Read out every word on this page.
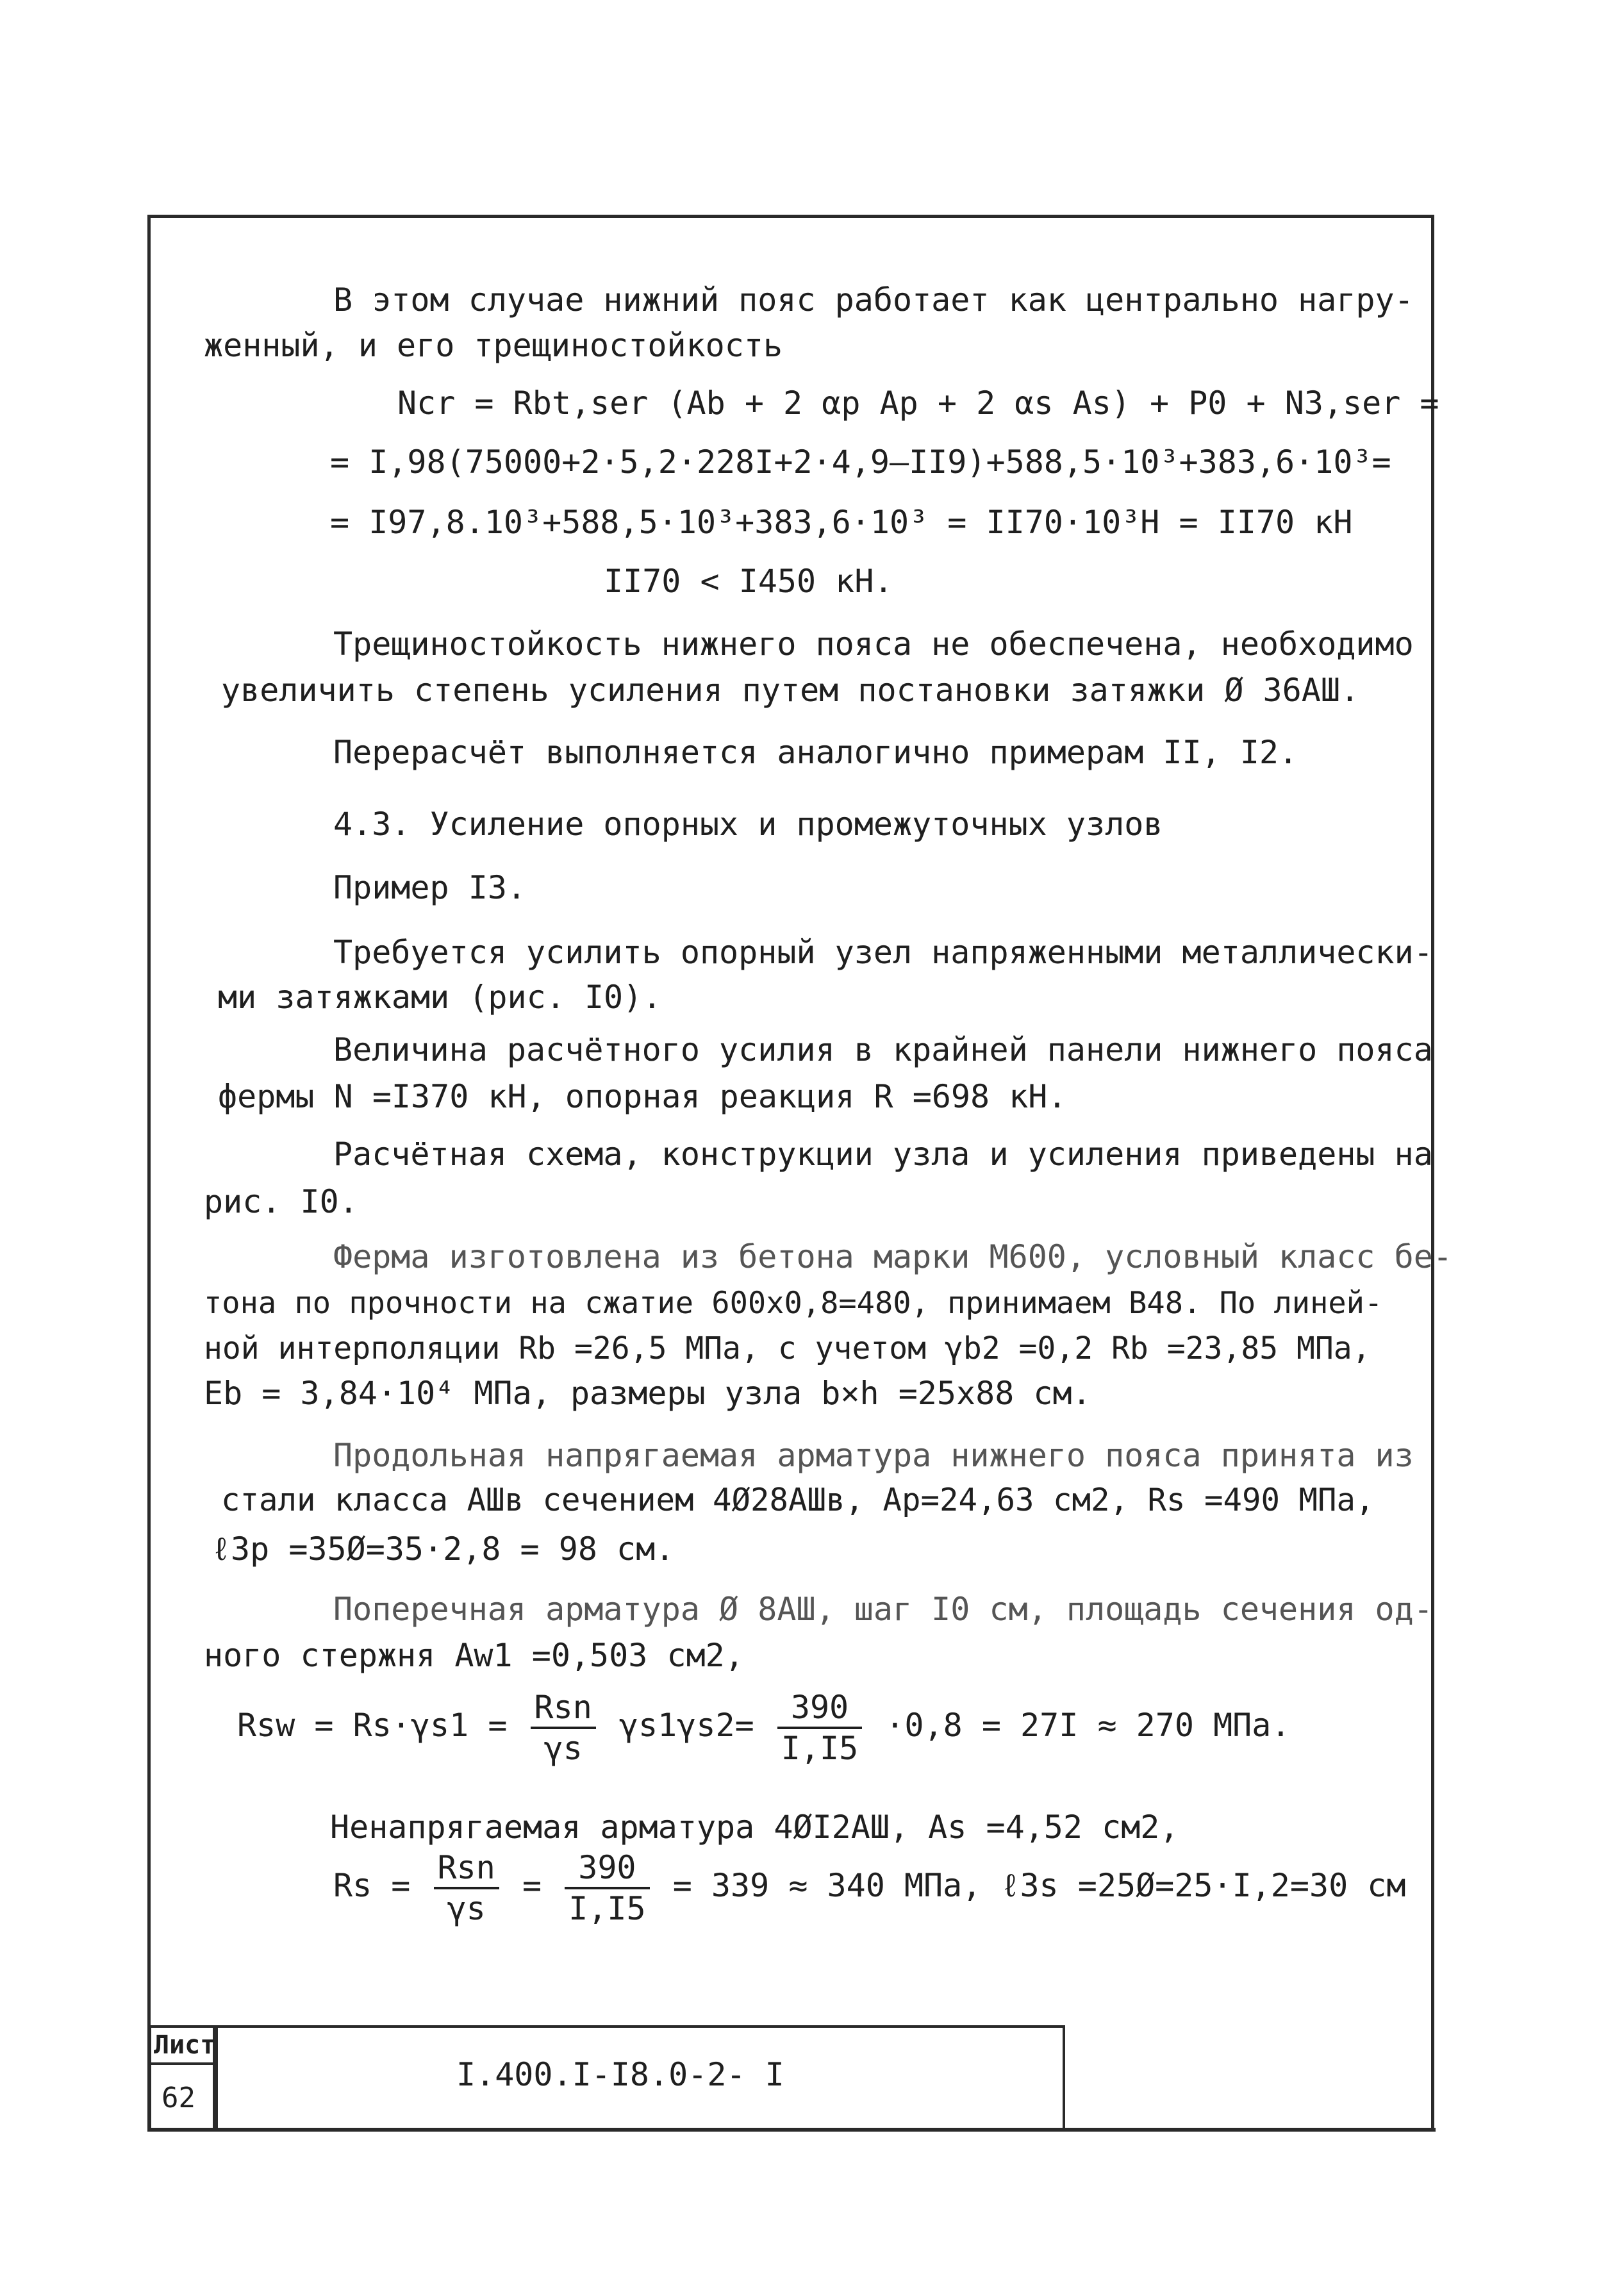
В этом случае нижний пояс работает как центрально нагру-
женный, и его трещиностойкость
Ncr = Rbt,ser (Ab + 2 αp Ap + 2 αs As) + P0 + N3,ser =
= I,98(75000+2·5,2·228I+2·4,9–II9)+588,5·10³+383,6·10³=
= I97,8.10³+588,5·10³+383,6·10³ = II70·10³H = II70 кН
II70 < I450 кН.
Трещиностойкость нижнего пояса не обеспечена, необходимо
увеличить степень усиления путем постановки затяжки Ø 36АШ.
Перерасчёт выполняется аналогично примерам II, I2.
4.3. Усиление опорных и промежуточных узлов
Пример I3.
Требуется усилить опорный узел напряженными металлически-
ми затяжками (рис. I0).
Величина расчётного усилия в крайней панели нижнего пояса
фермы N =I370 кН, опорная реакция R =698 кН.
Расчётная схема, конструкции узла и усиления приведены на
рис. I0.
Ферма изготовлена из бетона марки М600, условный класс бе-
тона по прочности на сжатие 600х0,8=480, принимаем В48. По линей-
ной интерполяции Rb =26,5 МПа, с учетом γb2 =0,2 Rb =23,85 МПа,
Eb = 3,84·10⁴ МПа, размеры узла b×h =25x88 см.
Продольная напрягаемая арматура нижнего пояса принята из
стали класса АШв сечением 4Ø28АШв, Ap=24,63 см2, Rs =490 МПа,
ℓ3p =35Ø=35·2,8 = 98 см.
Поперечная арматура Ø 8АШ, шаг I0 см, площадь сечения од-
ного стержня Aw1 =0,503 см2,
Rsw = $Rs\cdot\gamma s1 = \frac{\text{Rsn}}{\gamma s} \gamma s1\gamma s2= \frac{390}{I,I5} \cdot 0,8 = 27I \approx 270$ МПа.
Ненапрягаемая арматура 4ØI2АШ, As =4,52 см2,
$Rs = \frac{\text{Rsn}}{\gamma s} = \frac{390}{I,I5} = 339 \approx 340$ МПа, ℓ3s =25Ø=25·I,2=30 см
Лист
62
I.400.I-I8.0-2- I
